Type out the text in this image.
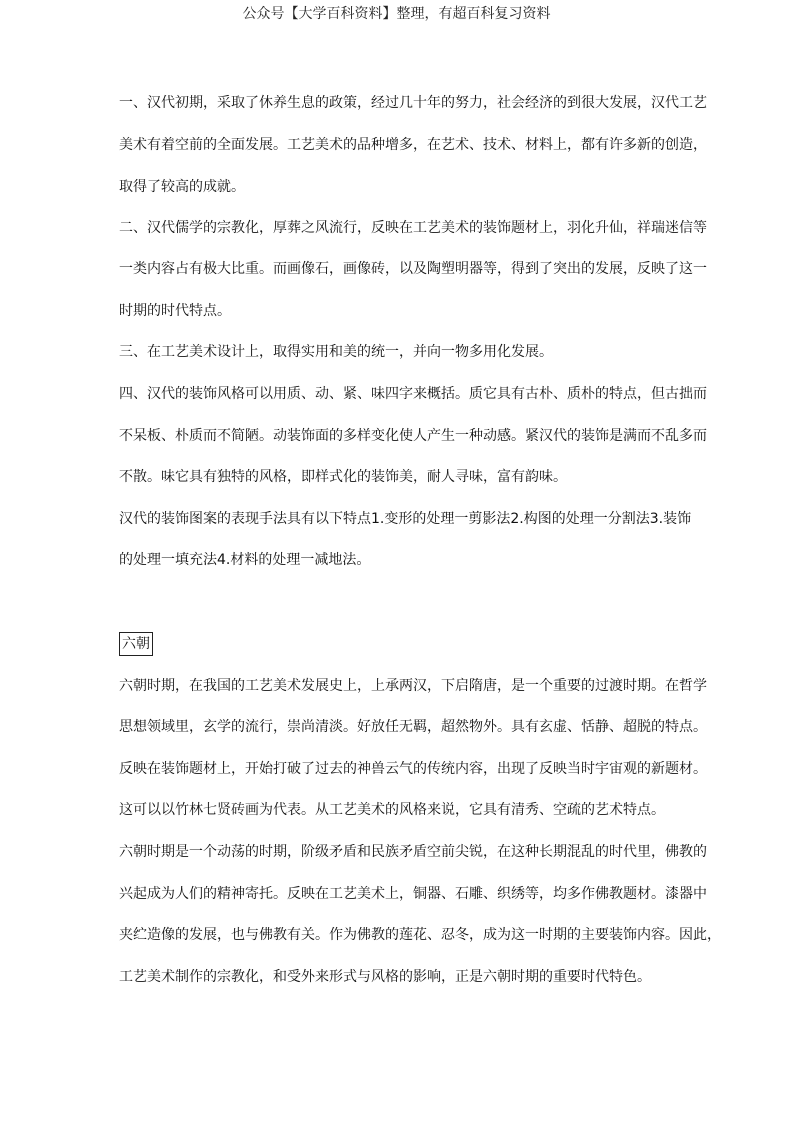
公众号【大学百科资料】整理，有超百科复习资料
一、汉代初期，采取了休养生息的政策，经过几十年的努力，社会经济的到很大发展，汉代工艺
美术有着空前的全面发展。工艺美术的品种增多，在艺术、技术、材料上，都有许多新的创造，
取得了较高的成就。
二、汉代儒学的宗教化，厚葬之风流行，反映在工艺美术的装饰题材上，羽化升仙，祥瑞迷信等
一类内容占有极大比重。而画像石，画像砖，以及陶塑明器等，得到了突出的发展，反映了这一
时期的时代特点。
三、在工艺美术设计上，取得实用和美的统一，并向一物多用化发展。
四、汉代的装饰风格可以用质、动、紧、味四字来概括。质它具有古朴、质朴的特点，但古拙而
不呆板、朴质而不简陋。动装饰面的多样变化使人产生一种动感。紧汉代的装饰是满而不乱多而
不散。味它具有独特的风格，即样式化的装饰美，耐人寻味，富有韵味。
汉代的装饰图案的表现手法具有以下特点1.变形的处理一剪影法2.构图的处理一分割法3.装饰
的处理一填充法4.材料的处理一减地法。
六朝
六朝时期，在我国的工艺美术发展史上，上承两汉，下启隋唐，是一个重要的过渡时期。在哲学
思想领域里，玄学的流行，崇尚清淡。好放任无羁，超然物外。具有玄虚、恬静、超脱的特点。
反映在装饰题材上，开始打破了过去的神兽云气的传统内容，出现了反映当时宇宙观的新题材。
这可以以竹林七贤砖画为代表。从工艺美术的风格来说，它具有清秀、空疏的艺术特点。
六朝时期是一个动荡的时期，阶级矛盾和民族矛盾空前尖锐，在这种长期混乱的时代里，佛教的
兴起成为人们的精神寄托。反映在工艺美术上，铜器、石雕、织绣等，均多作佛教题材。漆器中
夹纻造像的发展，也与佛教有关。作为佛教的莲花、忍冬，成为这一时期的主要装饰内容。因此，
工艺美术制作的宗教化，和受外来形式与风格的影响，正是六朝时期的重要时代特色。
